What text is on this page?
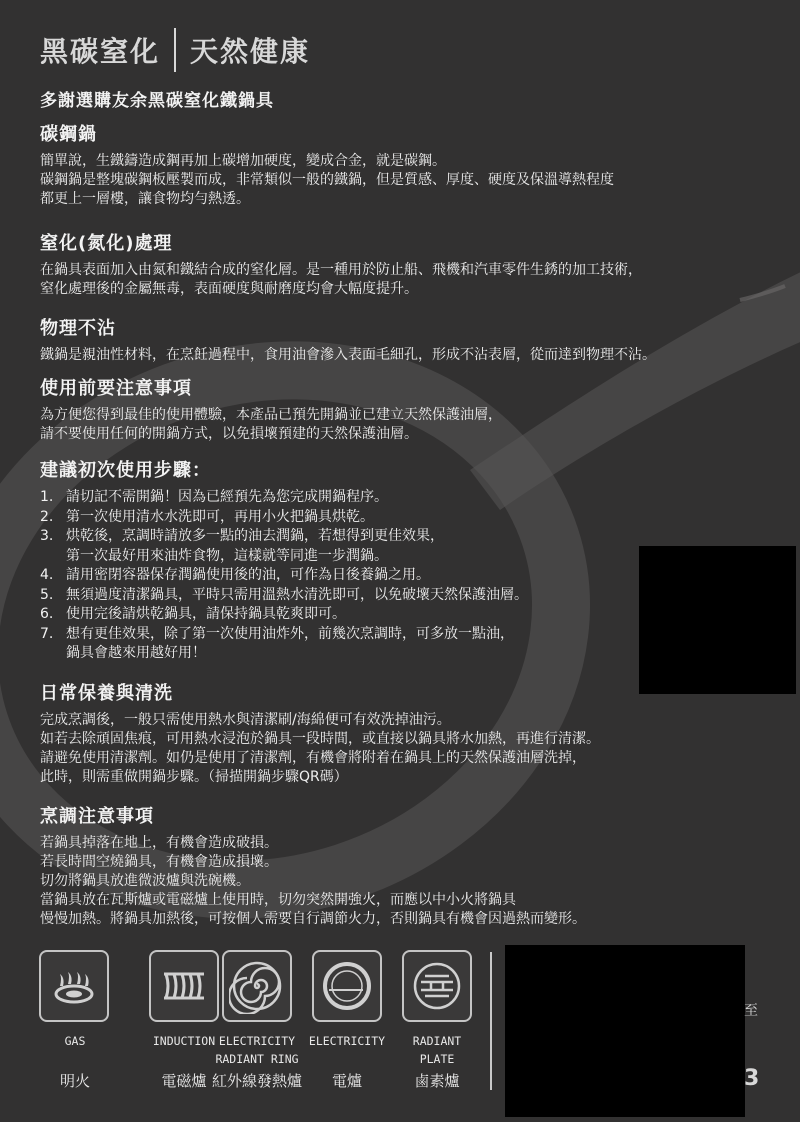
黑碳窒化 天然健康
多謝選購友余黑碳窒化鐵鍋具
碳鋼鍋

簡單說，生鐵鑄造成鋼再加上碳增加硬度，變成合金，就是碳鋼。

碳鋼鍋是整塊碳鋼板壓製而成，非常類似一般的鐵鍋，但是質感、厚度、硬度及保溫導熱程度

都更上一層樓，讓食物均勻熱透。

窒化(氮化)處理

在鍋具表面加入由氮和鐵結合成的窒化層。是一種用於防止船、飛機和汽車零件生銹的加工技術，

窒化處理後的金屬無毒，表面硬度與耐磨度均會大幅度提升。

物理不沾

鐵鍋是親油性材料，在烹飪過程中，食用油會滲入表面毛細孔，形成不沾表層，從而達到物理不沾。

使用前要注意事項

為方便您得到最佳的使用體驗，本產品已預先開鍋並已建立天然保護油層，

請不要使用任何的開鍋方式，以免損壞預建的天然保護油層。

建議初次使用步驟：
1. 請切記不需開鍋！因為已經預先為您完成開鍋程序。
2. 第一次使用清水水洗即可，再用小火把鍋具烘乾。
3. 烘乾後，烹調時請放多一點的油去潤鍋，若想得到更佳效果，
第一次最好用來油炸食物，這樣就等同進一步潤鍋。
4. 請用密閉容器保存潤鍋使用後的油，可作為日後養鍋之用。
5. 無須過度清潔鍋具，平時只需用溫熱水清洗即可，以免破壞天然保護油層。
6. 使用完後請烘乾鍋具，請保持鍋具乾爽即可。
7. 想有更佳效果，除了第一次使用油炸外，前幾次烹調時，可多放一點油，
鍋具會越來用越好用！
日常保養與清洗

完成烹調後，一般只需使用熱水與清潔刷/海綿便可有效洗掉油污。

如若去除頑固焦痕，可用熱水浸泡於鍋具一段時間，或直接以鍋具將水加熱，再進行清潔。

請避免使用清潔劑。如仍是使用了清潔劑，有機會將附着在鍋具上的天然保護油層洗掉，

此時，則需重做開鍋步驟。（掃描開鍋步驟QR碼）

烹調注意事項

若鍋具掉落在地上，有機會造成破損。

若長時間空燒鍋具，有機會造成損壞。

切勿將鍋具放進微波爐與洗碗機。

當鍋具放在瓦斯爐或電磁爐上使用時，切勿突然開強火，而應以中小火將鍋具

慢慢加熱。將鍋具加熱後，可按個人需要自行調節火力，否則鍋具有機會因過熱而變形。

至
3
GAS	INDUCTION ELECTRICITY
RADIANT RING
ELECTRICITY	RADIANT
PLATE
明火	電磁爐 紅外線發熱爐	電爐	鹵素爐
